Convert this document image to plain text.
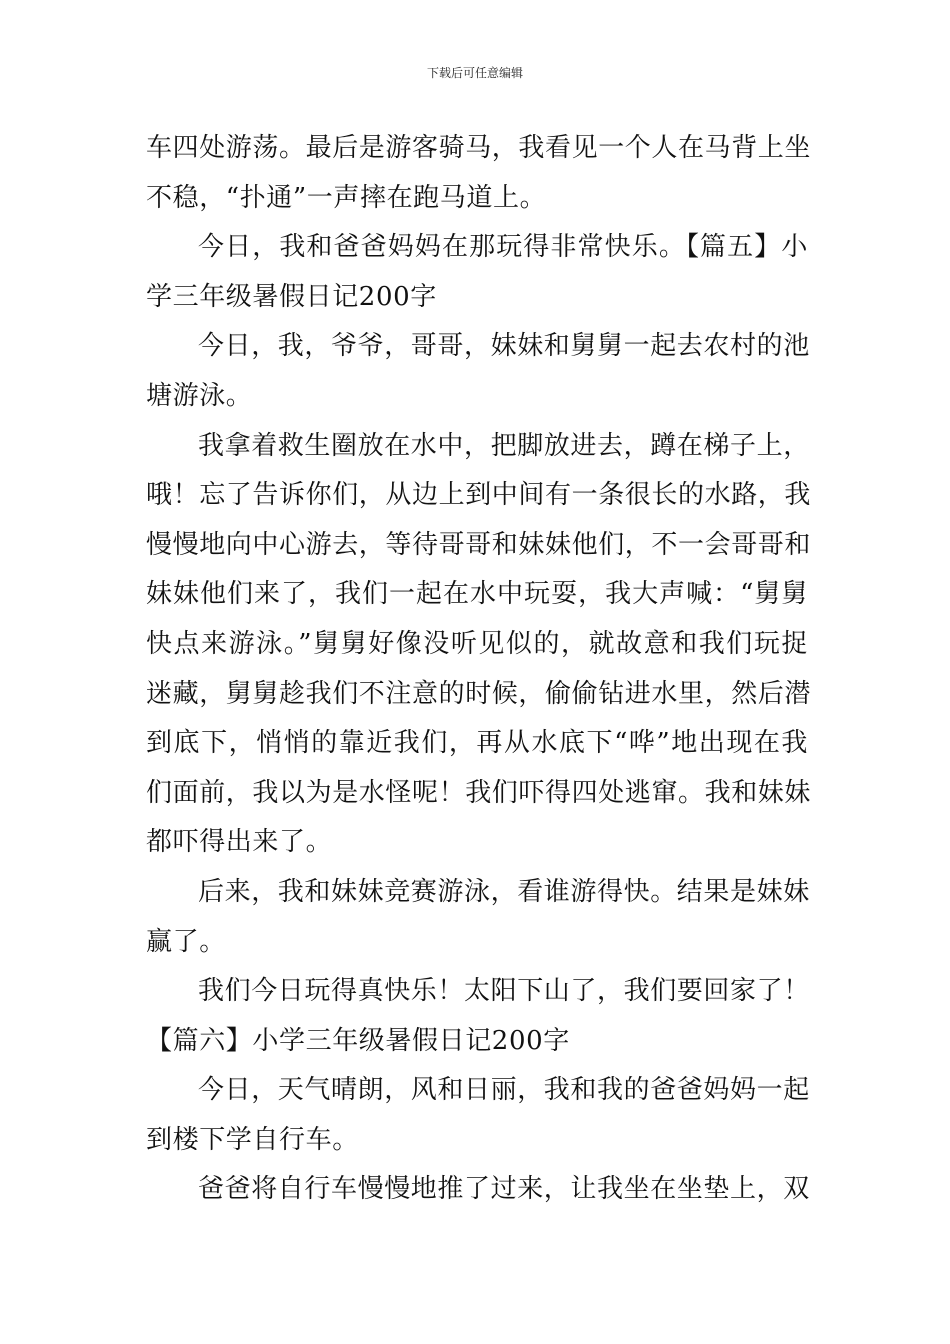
下载后可任意编辑
车四处游荡。最后是游客骑马，我看见一个人在马背上坐
不稳，“扑通”一声摔在跑马道上。
今日，我和爸爸妈妈在那玩得非常快乐。【篇五】小
学三年级暑假日记200字
今日，我，爷爷，哥哥，妹妹和舅舅一起去农村的池
塘游泳。
我拿着救生圈放在水中，把脚放进去，蹲在梯子上，
哦！忘了告诉你们，从边上到中间有一条很长的水路，我
慢慢地向中心游去，等待哥哥和妹妹他们，不一会哥哥和
妹妹他们来了，我们一起在水中玩耍，我大声喊：“舅舅
快点来游泳。”舅舅好像没听见似的，就故意和我们玩捉
迷藏，舅舅趁我们不注意的时候，偷偷钻进水里，然后潜
到底下，悄悄的靠近我们，再从水底下“哗”地出现在我
们面前，我以为是水怪呢！我们吓得四处逃窜。我和妹妹
都吓得出来了。
后来，我和妹妹竞赛游泳，看谁游得快。结果是妹妹
赢了。
我们今日玩得真快乐！太阳下山了，我们要回家了！
【篇六】小学三年级暑假日记200字
今日，天气晴朗，风和日丽，我和我的爸爸妈妈一起
到楼下学自行车。
爸爸将自行车慢慢地推了过来，让我坐在坐垫上，双
